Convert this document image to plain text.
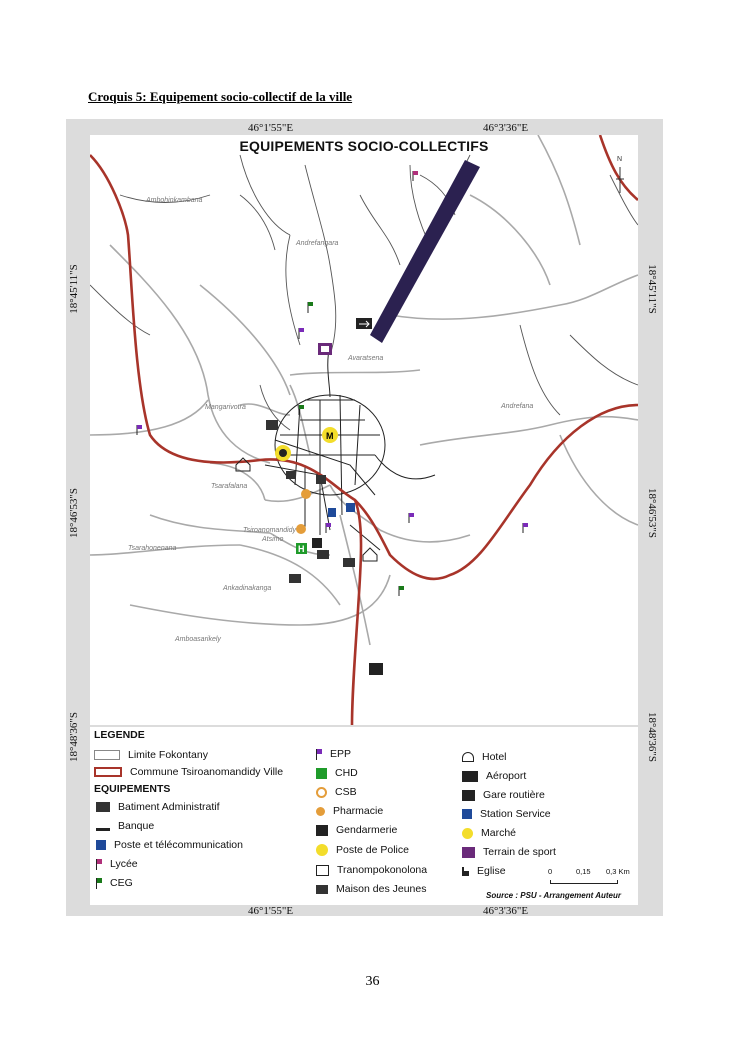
Croquis 5: Equipement socio-collectif de la ville
46°1'55"E	46°3'36"E
46°1'55"E	46°3'36"E
18°45'11"S
18°46'53"S
18°48'36"S
18°45'11"S
18°46'53"S
18°48'36"S
N
M
H
EQUIPEMENTS SOCIO-COLLECTIFS
Ambohinkambana
Andrefangara
Avaratsena
Mangarivotra	Andrefana
Tsarafalana
Tsiroanomandidy
Atsimo
Tsarahonenana
Ankadinakanga
Amboasarikely
LEGENDE
Limite Fokontany
Commune Tsiroanomandidy Ville
EQUIPEMENTS
Batiment Administratif
Banque
Poste et télécommunication
Lycée
CEG
EPP
CHD
CSB
Pharmacie
Gendarmerie
Poste de Police
Tranompokonolona
Maison des Jeunes
Hotel
Aéroport
Gare routière
Station Service
Marché
Terrain de sport
Eglise	0	0,15 0,3 Km
Source : PSU - Arrangement Auteur
36
